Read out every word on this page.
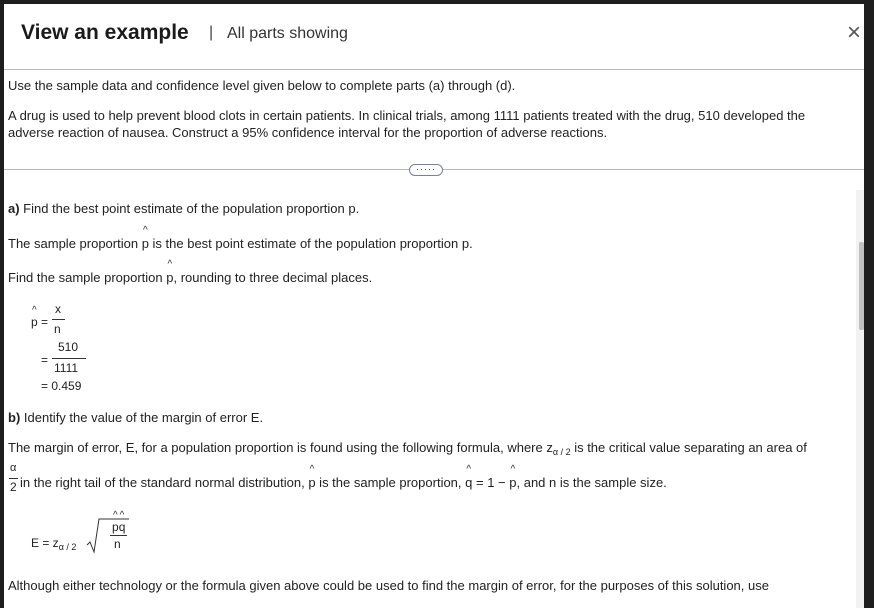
View an example | All parts showing	×
Use the sample data and confidence level given below to complete parts (a) through (d).
A drug is used to help prevent blood clots in certain patients. In clinical trials, among 1111 patients treated with the drug, 510 developed the
adverse reaction of nausea. Construct a 95% confidence interval for the proportion of adverse reactions.
·····
a) Find the best point estimate of the population proportion p.
The sample proportion ^ p is the best point estimate of the population proportion p.
Find the sample proportion ^ p, rounding to three decimal places.
^ p =
x
n
=
510
1111
= 0.459
b) Identify the value of the margin of error E.
The margin of error, E, for a population proportion is found using the following formula, where $z_{\alpha / 2}$ is the critical value separating an area of
α
2 in the right tail of the standard normal distribution, ^ p is the sample proportion, ^ q = 1 − ^ p, and n is the sample size.
$E = z_{\alpha / 2}$
^ p^ q
n
Although either technology or the formula given above could be used to find the margin of error, for the purposes of this solution, use
